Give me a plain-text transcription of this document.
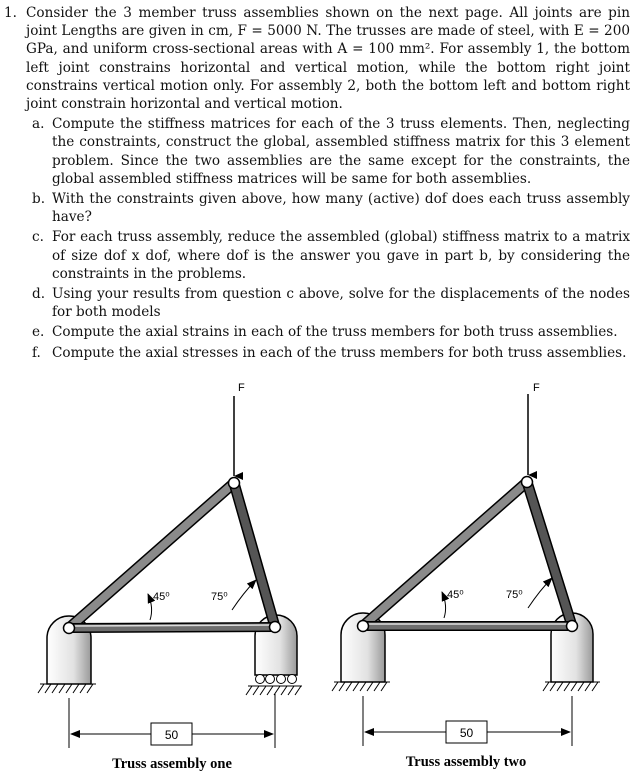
1. Consider the 3 member truss assemblies shown on the next page. All joints are pin joint Lengths are given in cm, F = 5000 N. The trusses are made of steel, with E = 200 GPa, and uniform cross-sectional areas with A = 100 mm². For assembly 1, the bottom left joint constrains horizontal and vertical motion, while the bottom right joint constrains vertical motion only. For assembly 2, both the bottom left and bottom right joint constrain horizontal and vertical motion.
a. Compute the stiffness matrices for each of the 3 truss elements. Then, neglecting the constraints, construct the global, assembled stiffness matrix for this 3 element problem. Since the two assemblies are the same except for the constraints, the global assembled stiffness matrices will be same for both assemblies.
b. With the constraints given above, how many (active) dof does each truss assembly have?
c. For each truss assembly, reduce the assembled (global) stiffness matrix to a matrix of size dof x dof, where dof is the answer you gave in part b, by considering the constraints in the problems.
d. Using your results from question c above, solve for the displacements of the nodes for both models
e. Compute the axial strains in each of the truss members for both truss assemblies.
f. Compute the axial stresses in each of the truss members for both truss assemblies.
F
45⁰	75⁰
50
Truss assembly one
F
45⁰	75⁰
50
Truss assembly two
